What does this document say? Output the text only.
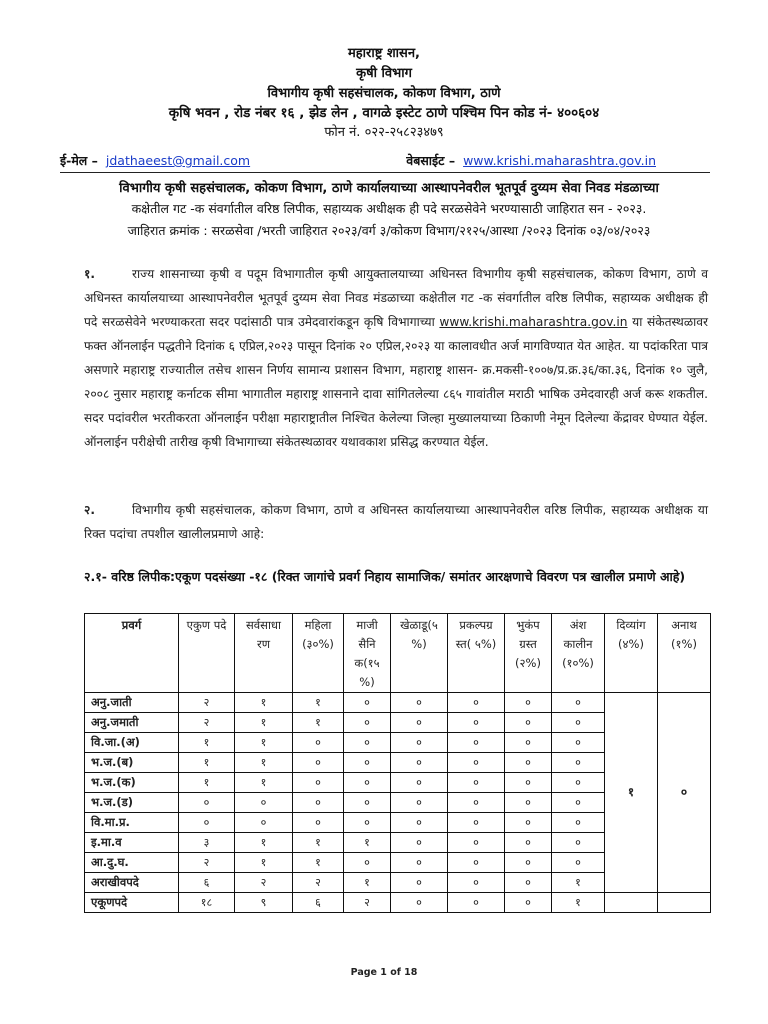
महाराष्ट्र शासन,
कृषी विभाग
विभागीय कृषी सहसंचालक, कोकण विभाग, ठाणे
कृषि भवन , रोड नंबर १६ , झेड लेन , वागळे इस्टेट ठाणे पश्चिम पिन कोड नं- ४००६०४
फोन नं. ०२२-२५८२३४७९
ई-मेल – jdathaeest@gmail.com	वेबसाईट – www.krishi.maharashtra.gov.in
विभागीय कृषी सहसंचालक, कोकण विभाग, ठाणे कार्यालयाच्या आस्थापनेवरील भूतपूर्व दुय्यम सेवा निवड मंडळाच्या
कक्षेतील गट -क संवर्गातील वरिष्ठ लिपीक, सहाय्यक अधीक्षक ही पदे सरळसेवेने भरण्यासाठी जाहिरात सन - २०२३.
जाहिरात क्रमांक : सरळसेवा /भरती जाहिरात २०२३/वर्ग ३/कोकण विभाग/२१२५/आस्था /२०२३ दिनांक ०३/०४/२०२३
१.	राज्य शासनाच्या कृषी व पदूम विभागातील कृषी आयुक्तालयाच्या अधिनस्त विभागीय कृषी सहसंचालक, कोकण विभाग, ठाणे व अधिनस्त कार्यालयाच्या आस्थापनेवरील भूतपूर्व दुय्यम सेवा निवड मंडळाच्या कक्षेतील गट -क संवर्गातील वरिष्ठ लिपीक, सहाय्यक अधीक्षक ही पदे सरळसेवेने भरण्याकरता सदर पदांसाठी पात्र उमेदवारांकडून कृषि विभागाच्या www.krishi.maharashtra.gov.in या संकेतस्थळावर फक्त ऑनलाईन पद्धतीने दिनांक ६ एप्रिल,२०२३ पासून दिनांक २० एप्रिल,२०२३ या कालावधीत अर्ज मागविण्यात येत आहेत. या पदांकरिता पात्र असणारे महाराष्ट्र राज्यातील तसेच शासन निर्णय सामान्य प्रशासन विभाग, महाराष्ट्र शासन- क्र.मकसी-१००७/प्र.क्र.३६/का.३६, दिनांक १० जुलै, २००८ नुसार महाराष्ट्र कर्नाटक सीमा भागातील महाराष्ट्र शासनाने दावा सांगितलेल्या ८६५ गावांतील मराठी भाषिक उमेदवारही अर्ज करू शकतील. सदर पदांवरील भरतीकरता ऑनलाईन परीक्षा महाराष्ट्रातील निश्चित केलेल्या जिल्हा मुख्यालयाच्या ठिकाणी नेमून दिलेल्या केंद्रावर घेण्यात येईल. ऑनलाईन परीक्षेची तारीख कृषी विभागाच्या संकेतस्थळावर यथावकाश प्रसिद्ध करण्यात येईल.
२.	विभागीय कृषी सहसंचालक, कोकण विभाग, ठाणे व अधिनस्त कार्यालयाच्या आस्थापनेवरील वरिष्ठ लिपीक, सहाय्यक अधीक्षक या रिक्त पदांचा तपशील खालीलप्रमाणे आहे:
२.१- वरिष्ठ लिपीक:एकूण पदसंख्या -१८ (रिक्त जागांचे प्रवर्ग निहाय सामाजिक/ समांतर आरक्षणाचे विवरण पत्र खालील प्रमाणे आहे)
प्रवर्ग	एकुण पदे	सर्वसाधा रण	महिला (३०%)	माजी सैनि क(१५ %)	खेळाडू(५ %)	प्रकल्पग्र स्त( ५%)	भुकंप ग्रस्त (२%)	अंश कालीन (१०%)	दिव्यांग (४%)	अनाथ (१%)
अनु.जाती	२	१	१	०	०	०	०	०	१	०
अनु.जमाती	२	१	१	०	०	०	०	०		
वि.जा.(अ)	१	१	०	०	०	०	०	०		
भ.ज.(ब)	१	१	०	०	०	०	०	०		
भ.ज.(क)	१	१	०	०	०	०	०	०		
भ.ज.(ड)	०	०	०	०	०	०	०	०		
वि.मा.प्र.	०	०	०	०	०	०	०	०		
इ.मा.व	३	१	१	१	०	०	०	०		
आ.दु.घ.	२	१	१	०	०	०	०	०		
अराखीवपदे	६	२	२	१	०	०	०	१		
एकूणपदे	१८	९	६	२	०	०	०	१		
Page 1 of 18
